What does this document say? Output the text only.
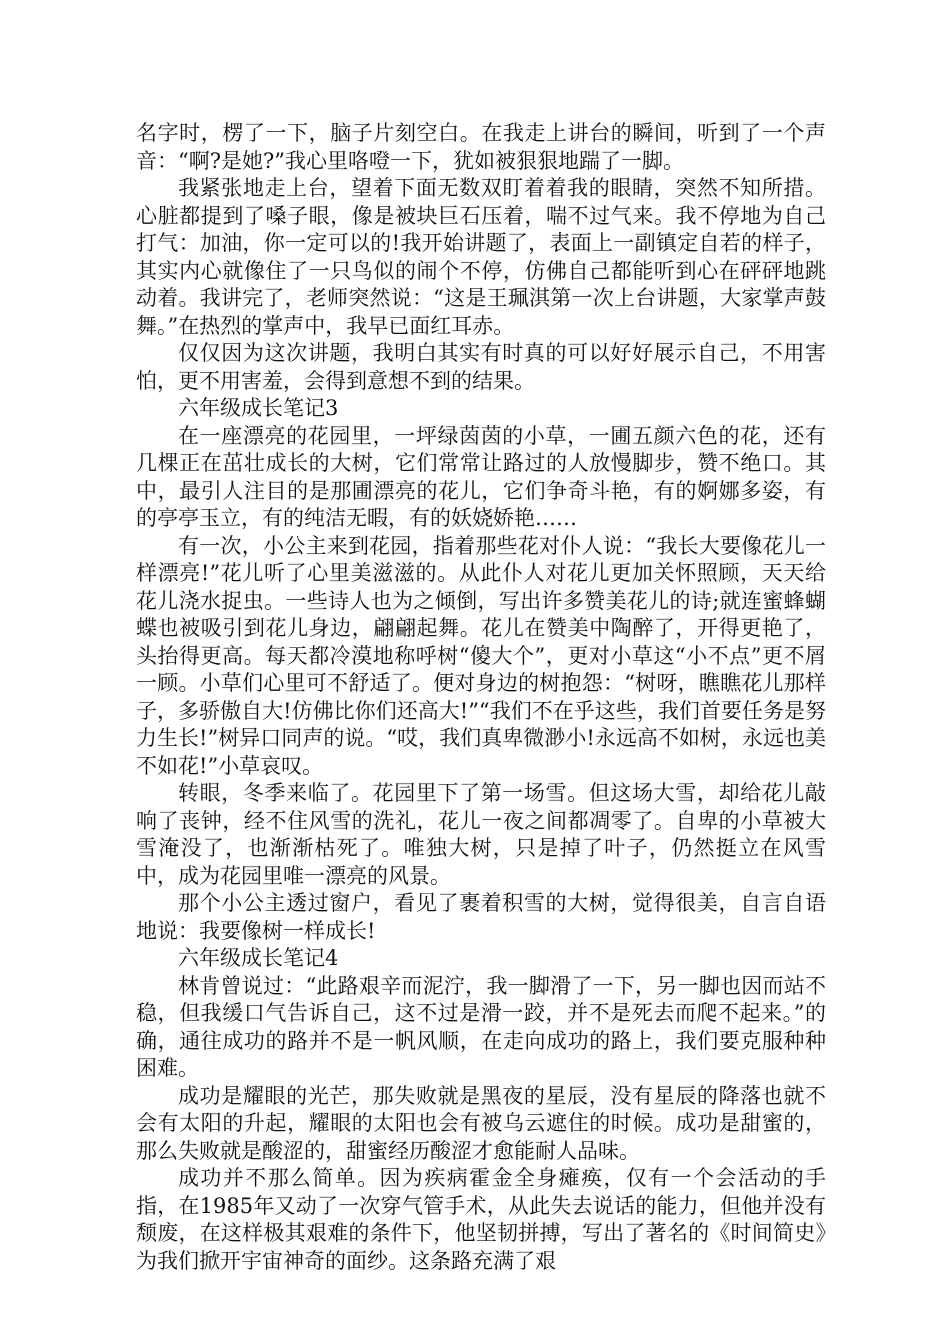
名字时，楞了一下，脑子片刻空白。在我走上讲台的瞬间，听到了一个声音：“啊?是她?”我心里咯噔一下，犹如被狠狠地踹了一脚。

我紧张地走上台，望着下面无数双盯着着我的眼睛，突然不知所措。心脏都提到了嗓子眼，像是被块巨石压着，喘不过气来。我不停地为自己打气：加油，你一定可以的!我开始讲题了，表面上一副镇定自若的样子，其实内心就像住了一只鸟似的闹个不停，仿佛自己都能听到心在砰砰地跳动着。我讲完了，老师突然说：“这是王珮淇第一次上台讲题，大家掌声鼓舞。”在热烈的掌声中，我早已面红耳赤。

仅仅因为这次讲题，我明白其实有时真的可以好好展示自己，不用害怕，更不用害羞，会得到意想不到的结果。

六年级成长笔记3

在一座漂亮的花园里，一坪绿茵茵的小草，一圃五颜六色的花，还有几棵正在茁壮成长的大树，它们常常让路过的人放慢脚步，赞不绝口。其中，最引人注目的是那圃漂亮的花儿，它们争奇斗艳，有的婀娜多姿，有的亭亭玉立，有的纯洁无暇，有的妖娆娇艳……

有一次，小公主来到花园，指着那些花对仆人说：“我长大要像花儿一样漂亮!”花儿听了心里美滋滋的。从此仆人对花儿更加关怀照顾，天天给花儿浇水捉虫。一些诗人也为之倾倒，写出许多赞美花儿的诗;就连蜜蜂蝴蝶也被吸引到花儿身边，翩翩起舞。花儿在赞美中陶醉了，开得更艳了，头抬得更高。每天都冷漠地称呼树“傻大个”，更对小草这“小不点”更不屑一顾。小草们心里可不舒适了。便对身边的树抱怨：“树呀，瞧瞧花儿那样子，多骄傲自大!仿佛比你们还高大!”“我们不在乎这些，我们首要任务是努力生长!”树异口同声的说。“哎，我们真卑微渺小!永远高不如树，永远也美不如花!”小草哀叹。

转眼，冬季来临了。花园里下了第一场雪。但这场大雪，却给花儿敲响了丧钟，经不住风雪的洗礼，花儿一夜之间都凋零了。自卑的小草被大雪淹没了，也渐渐枯死了。唯独大树，只是掉了叶子，仍然挺立在风雪中，成为花园里唯一漂亮的风景。

那个小公主透过窗户，看见了裹着积雪的大树，觉得很美，自言自语地说：我要像树一样成长!

六年级成长笔记4

林肯曾说过：“此路艰辛而泥泞，我一脚滑了一下，另一脚也因而站不稳，但我缓口气告诉自己，这不过是滑一跤，并不是死去而爬不起来。”的确，通往成功的路并不是一帆风顺，在走向成功的路上，我们要克服种种困难。

成功是耀眼的光芒，那失败就是黑夜的星辰，没有星辰的降落也就不会有太阳的升起，耀眼的太阳也会有被乌云遮住的时候。成功是甜蜜的，那么失败就是酸涩的，甜蜜经历酸涩才愈能耐人品味。

成功并不那么简单。因为疾病霍金全身瘫痪，仅有一个会活动的手指，在1985年又动了一次穿气管手术，从此失去说话的能力，但他并没有颓废，在这样极其艰难的条件下，他坚韧拼搏，写出了著名的《时间简史》为我们掀开宇宙神奇的面纱。这条路充满了艰
